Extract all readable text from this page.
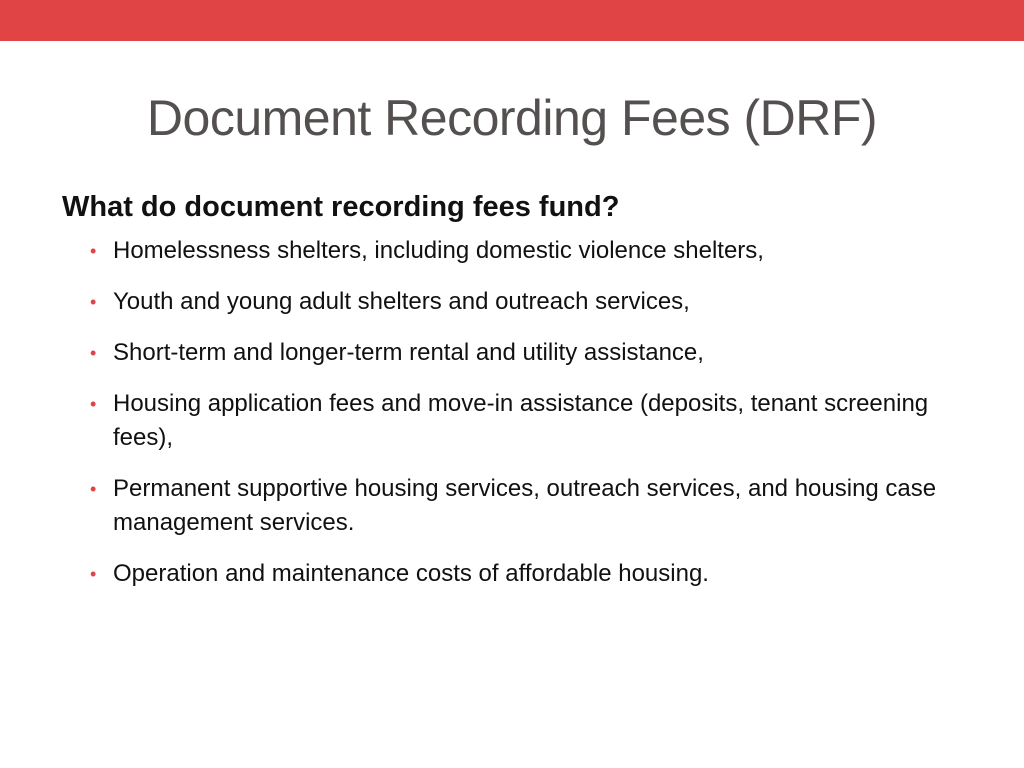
Document Recording Fees (DRF)

What do document recording fees fund?

• Homelessness shelters, including domestic violence shelters,
• Youth and young adult shelters and outreach services,
• Short-term and longer-term rental and utility assistance,
• Housing application fees and move-in assistance (deposits, tenant screening fees),
• Permanent supportive housing services, outreach services, and housing case management services.
• Operation and maintenance costs of affordable housing.
